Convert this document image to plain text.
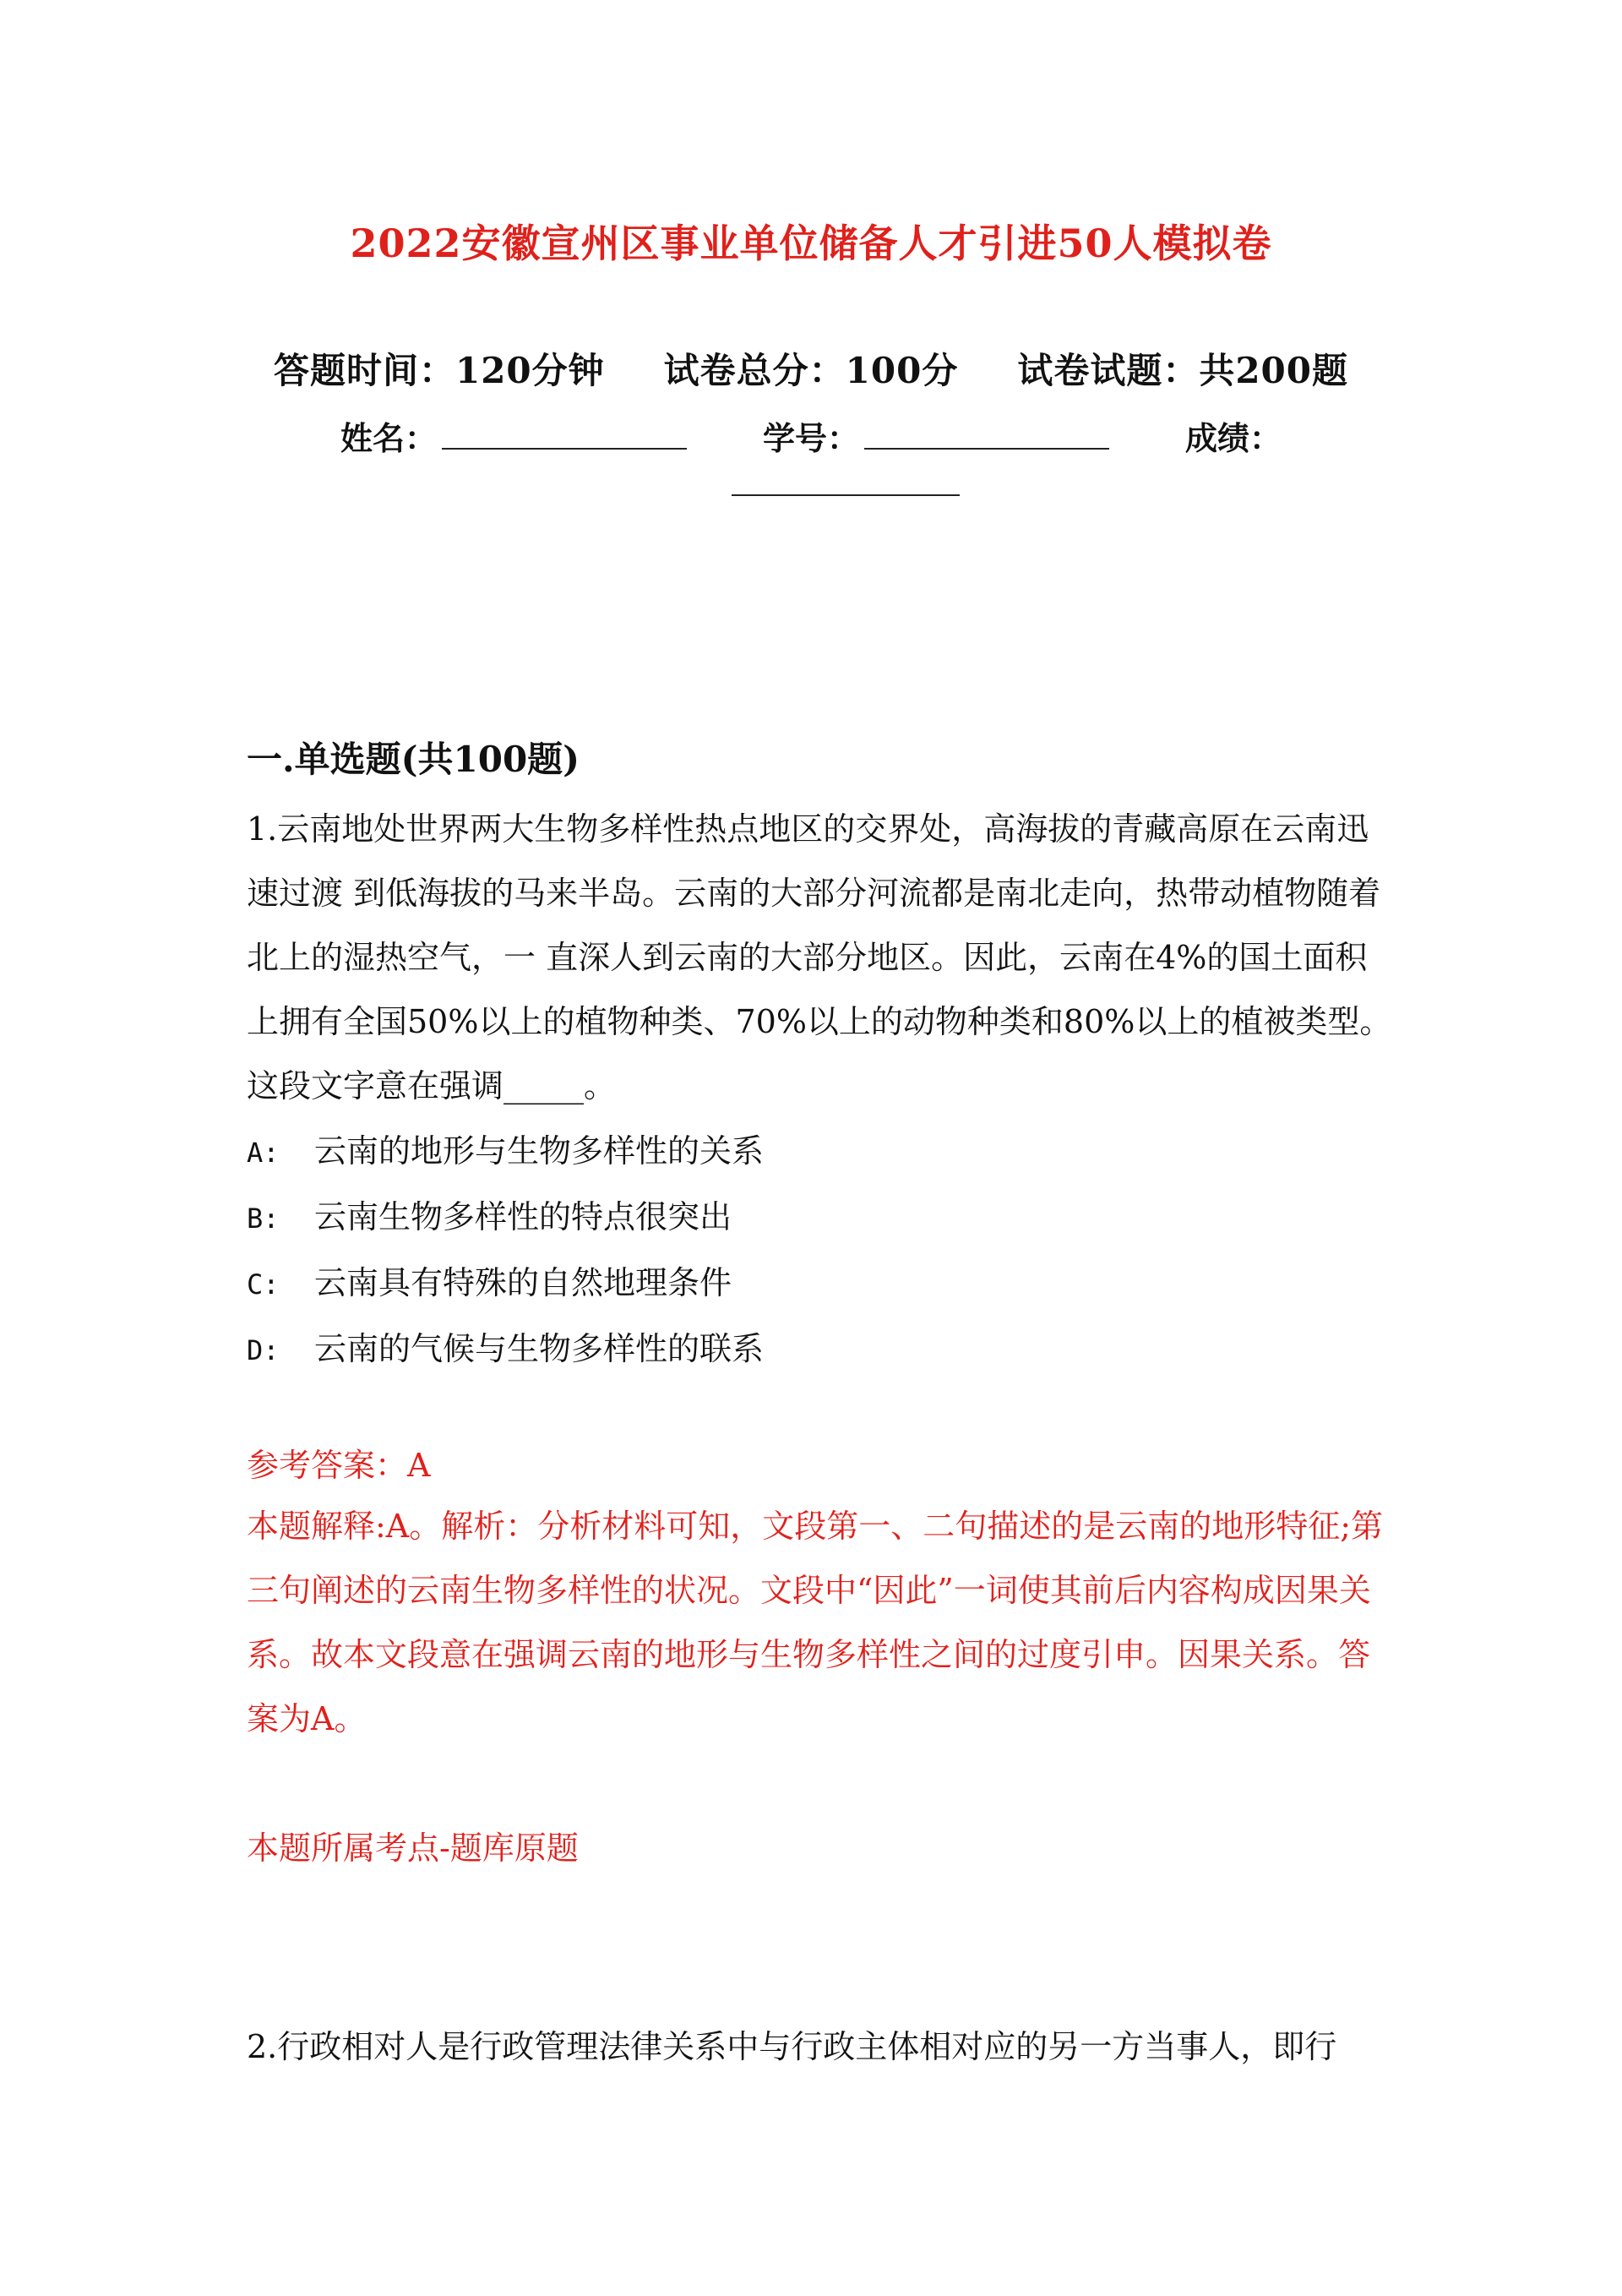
2022安徽宣州区事业单位储备人才引进50人模拟卷
答题时间：120分钟 试卷总分：100分 试卷试题：共200题
姓名：	学号：	成绩：
一.单选题(共100题)
1.云南地处世界两大生物多样性热点地区的交界处，高海拔的青藏高原在云南迅速过渡 到低海拔的马来半岛。云南的大部分河流都是南北走向，热带动植物随着北上的湿热空气，一 直深人到云南的大部分地区。因此，云南在4%的国土面积上拥有全国50%以上的植物种类、70%以上的动物种类和80%以上的植被类型。这段文字意在强调_____。
A: 云南的地形与生物多样性的关系
B: 云南生物多样性的特点很突出
C: 云南具有特殊的自然地理条件
D: 云南的气候与生物多样性的联系
参考答案：A
本题解释:A。解析：分析材料可知，文段第一、二句描述的是云南的地形特征;第三句阐述的云南生物多样性的状况。文段中“因此”一词使其前后内容构成因果关系。故本文段意在强调云南的地形与生物多样性之间的过度引申。因果关系。答案为A。
本题所属考点-题库原题
2.行政相对人是行政管理法律关系中与行政主体相对应的另一方当事人，即行
